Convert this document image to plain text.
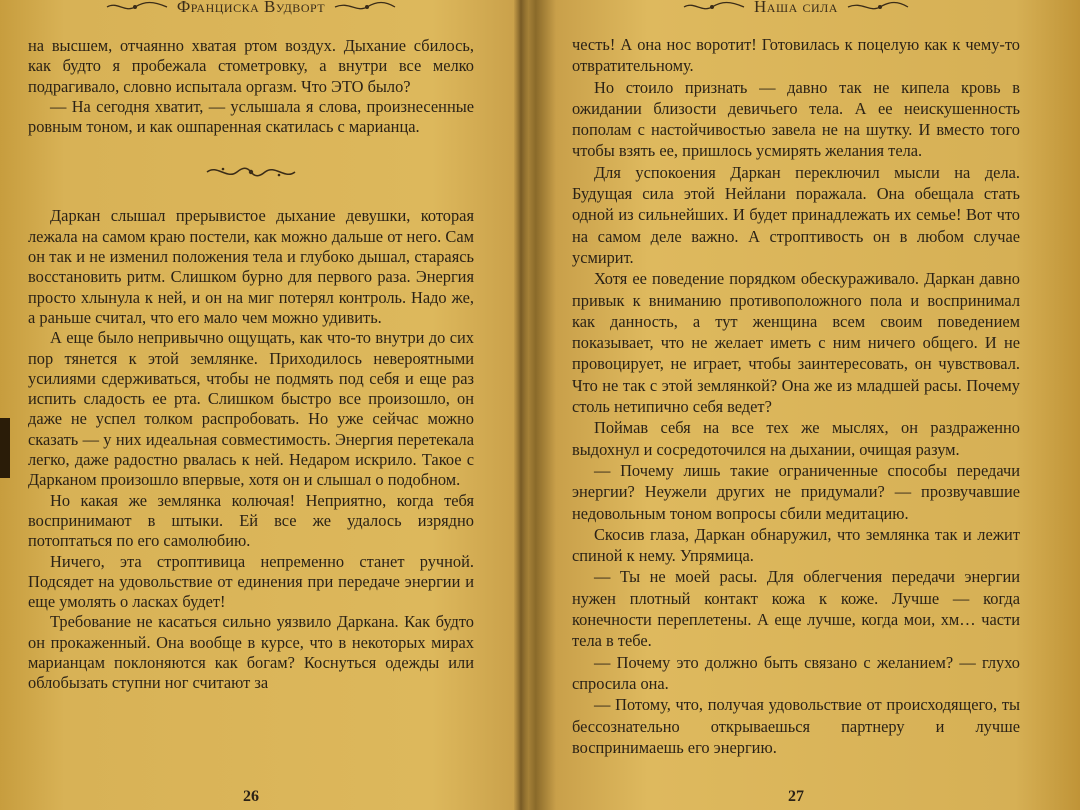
Франциска Вудворт

на высшем, отчаянно хватая ртом воздух. Дыхание сбилось, как будто я пробежала стометровку, а внутри все мелко подрагивало, словно испытала оргазм. Что ЭТО было?

— На сегодня хватит, — услышала я слова, произнесенные ровным тоном, и как ошпаренная скатилась с марианца.

Даркан слышал прерывистое дыхание девушки, которая лежала на самом краю постели, как можно дальше от него. Сам он так и не изменил положения тела и глубоко дышал, стараясь восстановить ритм. Слишком бурно для первого раза. Энергия просто хлынула к ней, и он на миг потерял контроль. Надо же, а раньше считал, что его мало чем можно удивить.

А еще было непривычно ощущать, как что-то внутри до сих пор тянется к этой землянке. Приходилось невероятными усилиями сдерживаться, чтобы не подмять под себя и еще раз испить сладость ее рта. Слишком быстро все произошло, он даже не успел толком распробовать. Но уже сейчас можно сказать — у них идеальная совместимость. Энергия перетекала легко, даже радостно рвалась к ней. Недаром искрило. Такое с Дарканом произошло впервые, хотя он и слышал о подобном.

Но какая же землянка колючая! Неприятно, когда тебя воспринимают в штыки. Ей все же удалось изрядно потоптаться по его самолюбию.

Ничего, эта строптивица непременно станет ручной. Подсядет на удовольствие от единения при передаче энергии и еще умолять о ласках будет!

Требование не касаться сильно уязвило Даркана. Как будто он прокаженный. Она вообще в курсе, что в некоторых мирах марианцам поклоняются как богам? Коснуться одежды или облобызать ступни ног считают за

26
Наша сила

честь! А она нос воротит! Готовилась к поцелую как к чему-то отвратительному.

Но стоило признать — давно так не кипела кровь в ожидании близости девичьего тела. А ее неискушенность пополам с настойчивостью завела не на шутку. И вместо того чтобы взять ее, пришлось усмирять желания тела.

Для успокоения Даркан переключил мысли на дела. Будущая сила этой Нейлани поражала. Она обещала стать одной из сильнейших. И будет принадлежать их семье! Вот что на самом деле важно. А строптивость он в любом случае усмирит.

Хотя ее поведение порядком обескураживало. Даркан давно привык к вниманию противоположного пола и воспринимал как данность, а тут женщина всем своим поведением показывает, что не желает иметь с ним ничего общего. И не провоцирует, не играет, чтобы заинтересовать, он чувствовал. Что не так с этой землянкой? Она же из младшей расы. Почему столь нетипично себя ведет?

Поймав себя на все тех же мыслях, он раздраженно выдохнул и сосредоточился на дыхании, очищая разум.

— Почему лишь такие ограниченные способы передачи энергии? Неужели других не придумали? — прозвучавшие недовольным тоном вопросы сбили медитацию.

Скосив глаза, Даркан обнаружил, что землянка так и лежит спиной к нему. Упрямица.

— Ты не моей расы. Для облегчения передачи энергии нужен плотный контакт кожа к коже. Лучше — когда конечности переплетены. А еще лучше, когда мои, хм… части тела в тебе.

— Почему это должно быть связано с желанием? — глухо спросила она.

— Потому, что, получая удовольствие от происходящего, ты бессознательно открываешься партнеру и лучше воспринимаешь его энергию.

27
